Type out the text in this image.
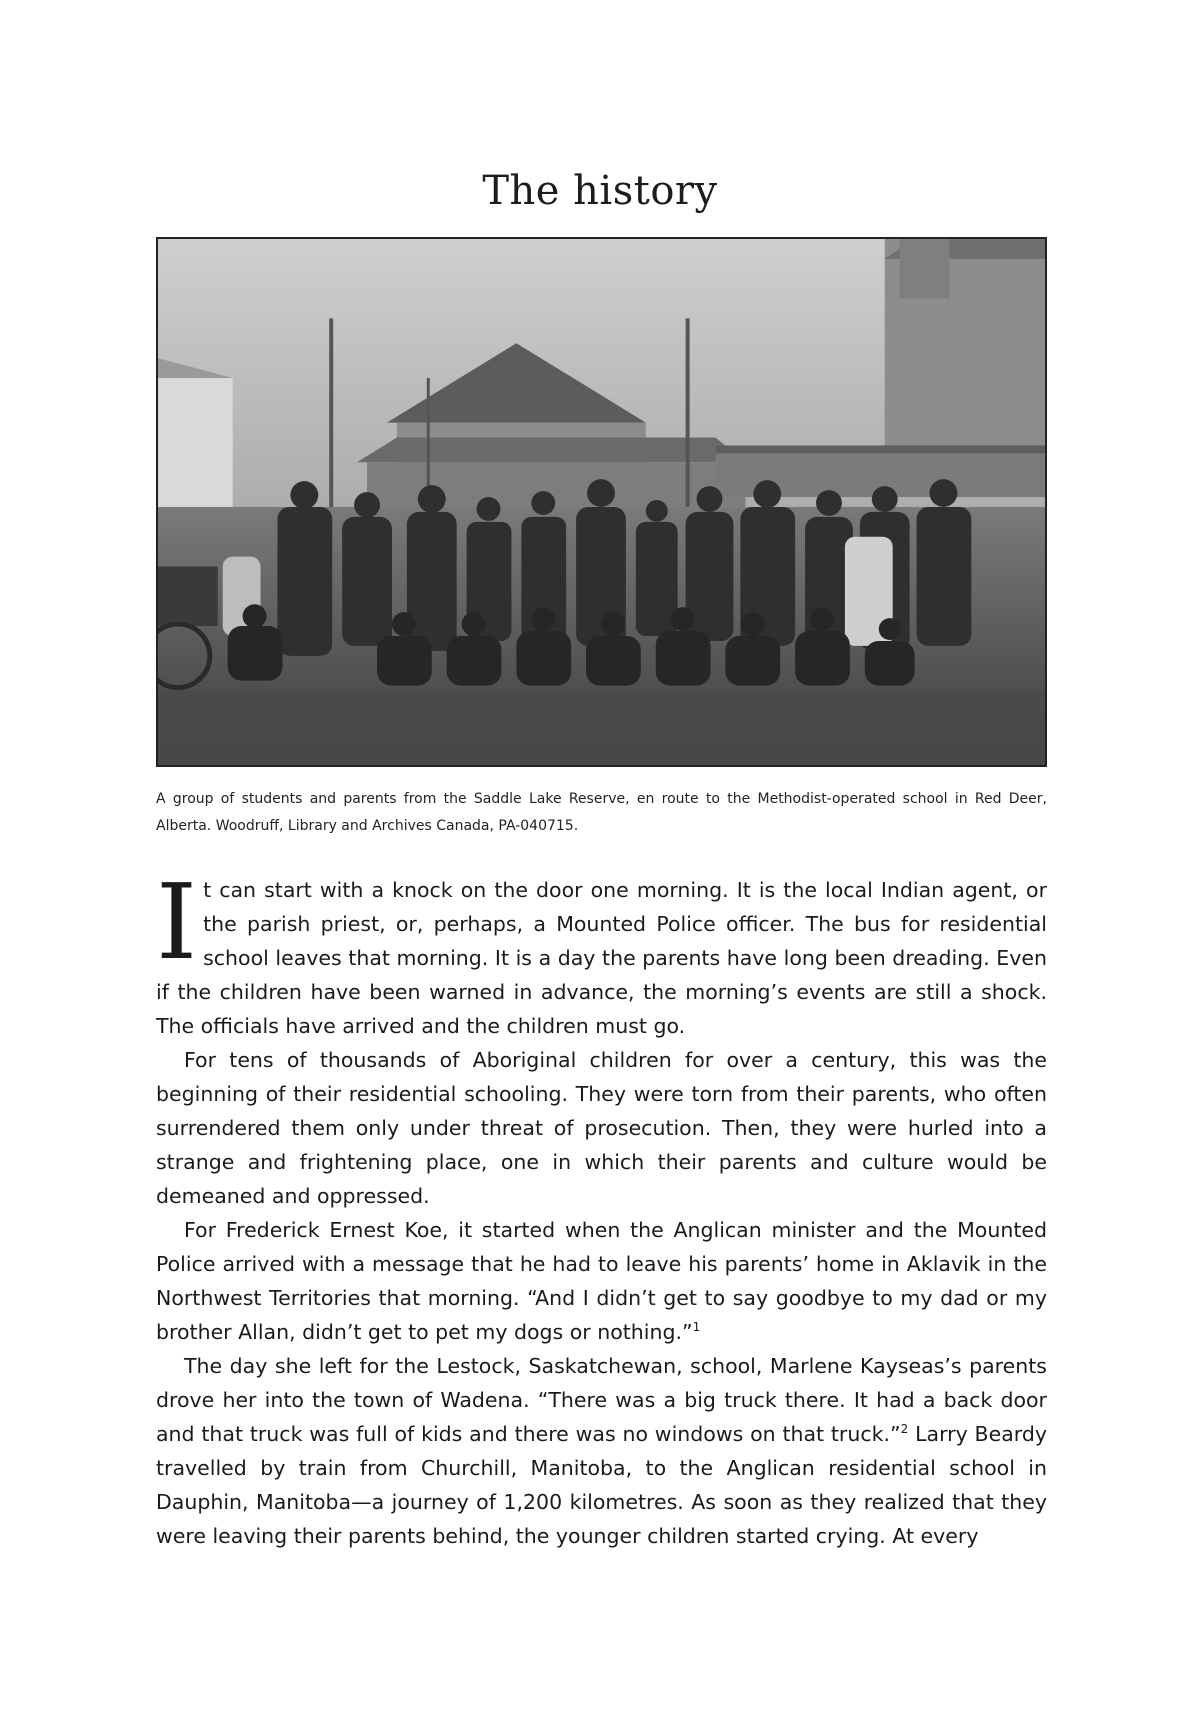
The history

A group of students and parents from the Saddle Lake Reserve, en route to the Methodist-operated school in Red Deer, Alberta. Woodruff, Library and Archives Canada, PA-040715.

It can start with a knock on the door one morning. It is the local Indian agent, or the parish priest, or, perhaps, a Mounted Police officer. The bus for residential school leaves that morning. It is a day the parents have long been dreading. Even if the children have been warned in advance, the morning’s events are still a shock. The officials have arrived and the children must go.

For tens of thousands of Aboriginal children for over a century, this was the beginning of their residential schooling. They were torn from their parents, who often surrendered them only under threat of prosecution. Then, they were hurled into a strange and frightening place, one in which their parents and culture would be demeaned and oppressed.

For Frederick Ernest Koe, it started when the Anglican minister and the Mounted Police arrived with a message that he had to leave his parents’ home in Aklavik in the Northwest Territories that morning. “And I didn’t get to say goodbye to my dad or my brother Allan, didn’t get to pet my dogs or nothing.”$^1$

The day she left for the Lestock, Saskatchewan, school, Marlene Kayseas’s parents drove her into the town of Wadena. “There was a big truck there. It had a back door and that truck was full of kids and there was no windows on that truck.”$^2$ Larry Beardy travelled by train from Churchill, Manitoba, to the Anglican residential school in Dauphin, Manitoba—a journey of 1,200 kilometres. As soon as they realized that they were leaving their parents behind, the younger children started crying. At every
